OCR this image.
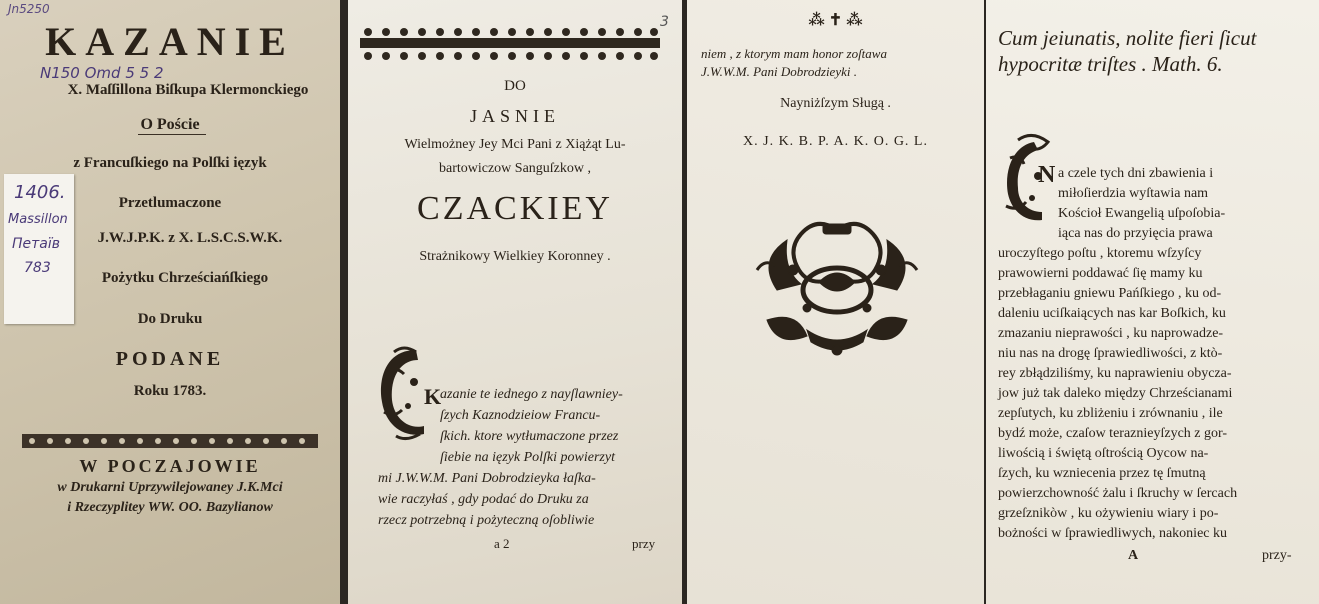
Jn5250
KAZANIE
N150 Omd 5 5 2
X. Maſſillona Biſkupa Klermonckiego
O Poście
z Francuſkiego na Polſki ięzyk
Przetlumaczone
J.W.J.P.K. z X. L.S.C.S.W.K.
Pożytku Chrześciańſkiego
Do Druku
PODANE
Roku 1783.
1406.
Massillon
Петаїв
783
W POCZAJOWIE
w Drukarni Uprzywilejowaney J.K.Mci
i Rzeczyplitey WW. OO. Bazylianow
3
DO
JASNIE
Wielmożney Jey Mci Pani z Xiążąt Lu-
bartowiczow Sanguſzkow ,
CZACKIEY
Strażnikowy Wielkiey Koronney .
K
azanie te iednego z nayſlawniey-
ſzych Kaznodzieiow Francu-
ſkich. ktore wytłumaczone przez
ſiebie na ięzyk Polſki powierzyt
mi J.W.W.M. Pani Dobrodzieyka łaſka-
wie raczyłaś , gdy podać do Druku za
rzecz potrzebną i pożyteczną oſobliwie
a 2	przy
⁂ ✝ ⁂
niem , z ktorym mam honor zoſtawa
J.W.W.M. Pani Dobrodzieyki .
Nayniżſzym Sługą .
X. J. K. B. P. A. K. O. G. L.
Cum jeiunatis, nolite fieri ſicut
hypocritæ triſtes . Math. 6.
N a czele tych dni zbawienia i
miłoſierdzia wyſtawia nam
Kościoł Ewangelią uſpoſobia-
iąca nas do przyięcia prawa
uroczyſtego poſtu , ktoremu wſzyſcy
prawowierni poddawać ſię mamy ku
przebłaganiu gniewu Pańſkiego , ku od-
daleniu uciſkaiących nas kar Boſkich, ku
zmazaniu nieprawości , ku naprowadze-
niu nas na drogę ſprawiedliwości, z ktò-
rey zbłądziliśmy, ku naprawieniu obycza-
jow już tak daleko między Chrześcianami
zepſutych, ku zbliżeniu i zrównaniu , ile
bydź może, czaſow teraznieyſzych z gor-
liwością i świętą oſtrością Oycow na-
ſzych, ku wzniecenia przez tę ſmutną
powierzchowność żalu i ſkruchy w ſercach
grzeſznikòw , ku ożywieniu wiary i po-
bożności w ſprawiedliwych, nakoniec ku
A	przy-
